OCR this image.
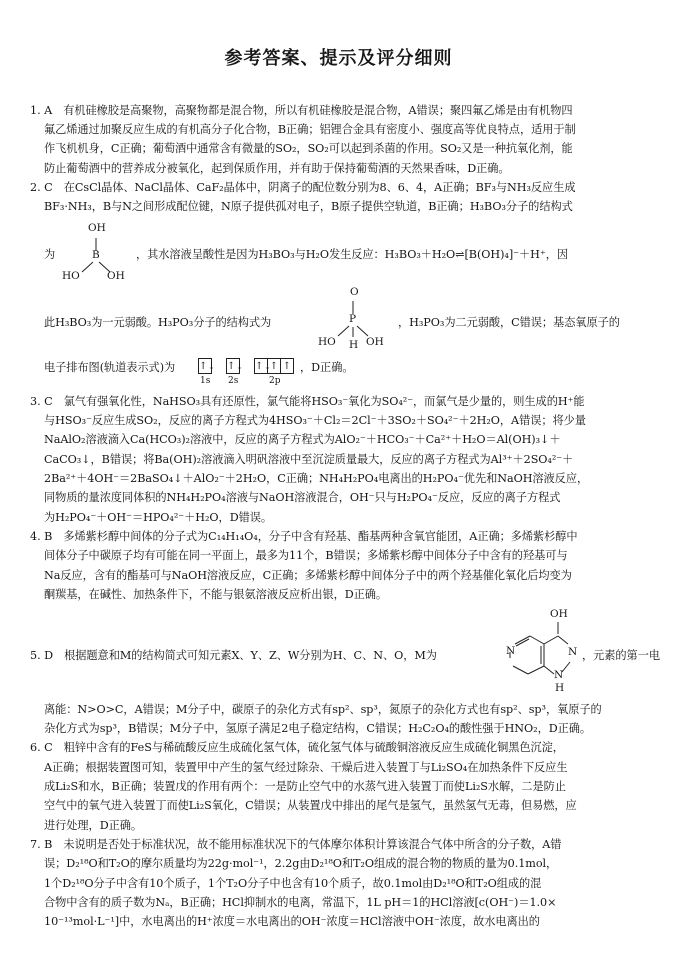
参考答案、提示及评分细则
1. A　有机硅橡胶是高聚物，高聚物都是混合物，所以有机硅橡胶是混合物，A错误；聚四氟乙烯是由有机物四
氟乙烯通过加聚反应生成的有机高分子化合物，B正确；铝锂合金具有密度小、强度高等优良特点，适用于制
作飞机机身，C正确；葡萄酒中通常含有微量的SO₂，SO₂可以起到杀菌的作用。SO₂又是一种抗氧化剂，能
防止葡萄酒中的营养成分被氧化，起到保质作用，并有助于保持葡萄酒的天然果香味，D正确。
2. C　在CsCl晶体、NaCl晶体、CaF₂晶体中，阴离子的配位数分别为8、6、4，A正确；BF₃与NH₃反应生成
BF₃·NH₃，B与N之间形成配位键，N原子提供孤对电子，B原子提供空轨道，B正确；H₃BO₃分子的结构式
为
OH
B
HO	OH
，其水溶液呈酸性是因为H₃BO₃与H₂O发生反应：H₃BO₃＋H₂O⇌[B(OH)₄]⁻＋H⁺，因
此H₃BO₃为一元弱酸。H₃PO₃分子的结构式为
O
P
HO H OH
，H₃PO₃为二元弱酸，C错误；基态氧原子的
电子排布图(轨道表示式)为	↑↓ ↑↓ ↑↓
↑ ↑
1s 2s	2p
，D正确。
3. C　氯气有强氧化性，NaHSO₃具有还原性，氯气能将HSO₃⁻氧化为SO₄²⁻，而氯气是少量的，则生成的H⁺能
与HSO₃⁻反应生成SO₂，反应的离子方程式为4HSO₃⁻＋Cl₂＝2Cl⁻＋3SO₂＋SO₄²⁻＋2H₂O，A错误；将少量
NaAlO₂溶液滴入Ca(HCO₃)₂溶液中，反应的离子方程式为AlO₂⁻＋HCO₃⁻＋Ca²⁺＋H₂O＝Al(OH)₃↓＋
CaCO₃↓，B错误；将Ba(OH)₂溶液滴入明矾溶液中至沉淀质量最大，反应的离子方程式为Al³⁺＋2SO₄²⁻＋
2Ba²⁺＋4OH⁻＝2BaSO₄↓＋AlO₂⁻＋2H₂O，C正确；NH₄H₂PO₄电离出的H₂PO₄⁻优先和NaOH溶液反应，
同物质的量浓度同体积的NH₄H₂PO₄溶液与NaOH溶液混合，OH⁻只与H₂PO₄⁻反应，反应的离子方程式
为H₂PO₄⁻＋OH⁻＝HPO₄²⁻＋H₂O，D错误。
4. B　多烯紫杉醇中间体的分子式为C₁₄H₁₄O₄，分子中含有羟基、酯基两种含氧官能团，A正确；多烯紫杉醇中
间体分子中碳原子均有可能在同一平面上，最多为11个，B错误；多烯紫杉醇中间体分子中含有的羟基可与
Na反应，含有的酯基可与NaOH溶液反应，C正确；多烯紫杉醇中间体分子中的两个羟基催化氧化后均变为
酮羰基，在碱性、加热条件下，不能与银氨溶液反应析出银，D正确。
5. D　根据题意和M的结构简式可知元素X、Y、Z、W分别为H、C、N、O，M为
OH
N	N
N
H
，元素的第一电
离能：N>O>C，A错误；M分子中，碳原子的杂化方式有sp²、sp³，氮原子的杂化方式也有sp²、sp³，氧原子的
杂化方式为sp³，B错误；M分子中，氢原子满足2电子稳定结构，C错误；H₂C₂O₄的酸性强于HNO₂，D正确。
6. C　粗锌中含有的FeS与稀硫酸反应生成硫化氢气体，硫化氢气体与硫酸铜溶液反应生成硫化铜黑色沉淀，
A正确；根据装置图可知，装置甲中产生的氢气经过除杂、干燥后进入装置丁与Li₂SO₄在加热条件下反应生
成Li₂S和水，B正确；装置戊的作用有两个：一是防止空气中的水蒸气进入装置丁而使Li₂S水解，二是防止
空气中的氧气进入装置丁而使Li₂S氧化，C错误；从装置戊中排出的尾气是氢气，虽然氢气无毒，但易燃，应
进行处理，D正确。
7. B　未说明是否处于标准状况，故不能用标准状况下的气体摩尔体积计算该混合气体中所含的分子数，A错
误；D₂¹⁸O和T₂O的摩尔质量均为22g·mol⁻¹，2.2g由D₂¹⁸O和T₂O组成的混合物的物质的量为0.1mol，
1个D₂¹⁸O分子中含有10个质子，1个T₂O分子中也含有10个质子，故0.1mol由D₂¹⁸O和T₂O组成的混
合物中含有的质子数为Nₐ，B正确；HCl抑制水的电离，常温下，1L pH＝1的HCl溶液[c(OH⁻)＝1.0×
10⁻¹³mol·L⁻¹]中，水电离出的H⁺浓度＝水电离出的OH⁻浓度＝HCl溶液中OH⁻浓度，故水电离出的
